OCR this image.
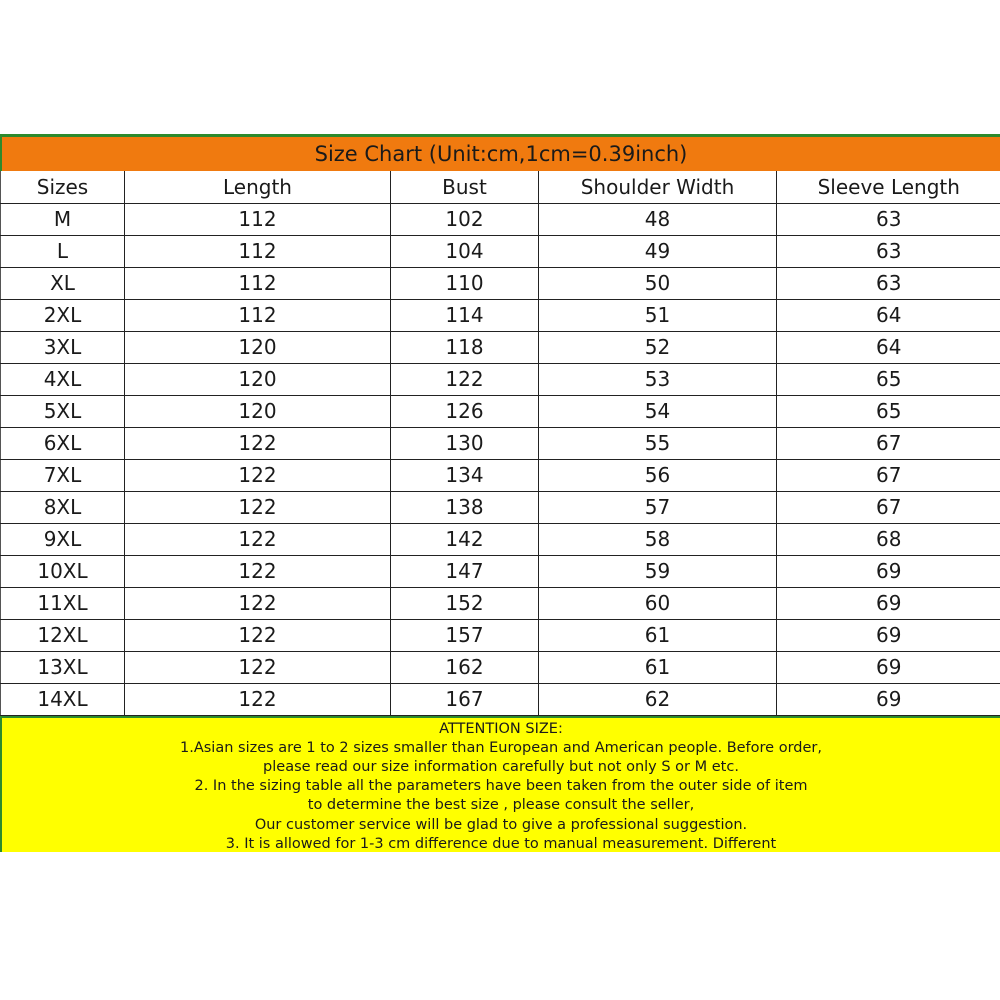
Size Chart (Unit:cm,1cm=0.39inch)
Sizes	Length	Bust	Shoulder Width	Sleeve Length
M	112	102	48	63
L	112	104	49	63
XL	112	110	50	63
2XL	112	114	51	64
3XL	120	118	52	64
4XL	120	122	53	65
5XL	120	126	54	65
6XL	122	130	55	67
7XL	122	134	56	67
8XL	122	138	57	67
9XL	122	142	58	68
10XL	122	147	59	69
11XL	122	152	60	69
12XL	122	157	61	69
13XL	122	162	61	69
14XL	122	167	62	69
ATTENTION SIZE:
1.Asian sizes are 1 to 2 sizes smaller than European and American people. Before order,
please read our size information carefully but not only S or M etc.
2. In the sizing table all the parameters have been taken from the outer side of item
to determine the best size , please consult the seller,
Our customer service will be glad to give a professional suggestion.
3. It is allowed for 1-3 cm difference due to manual measurement. Different
